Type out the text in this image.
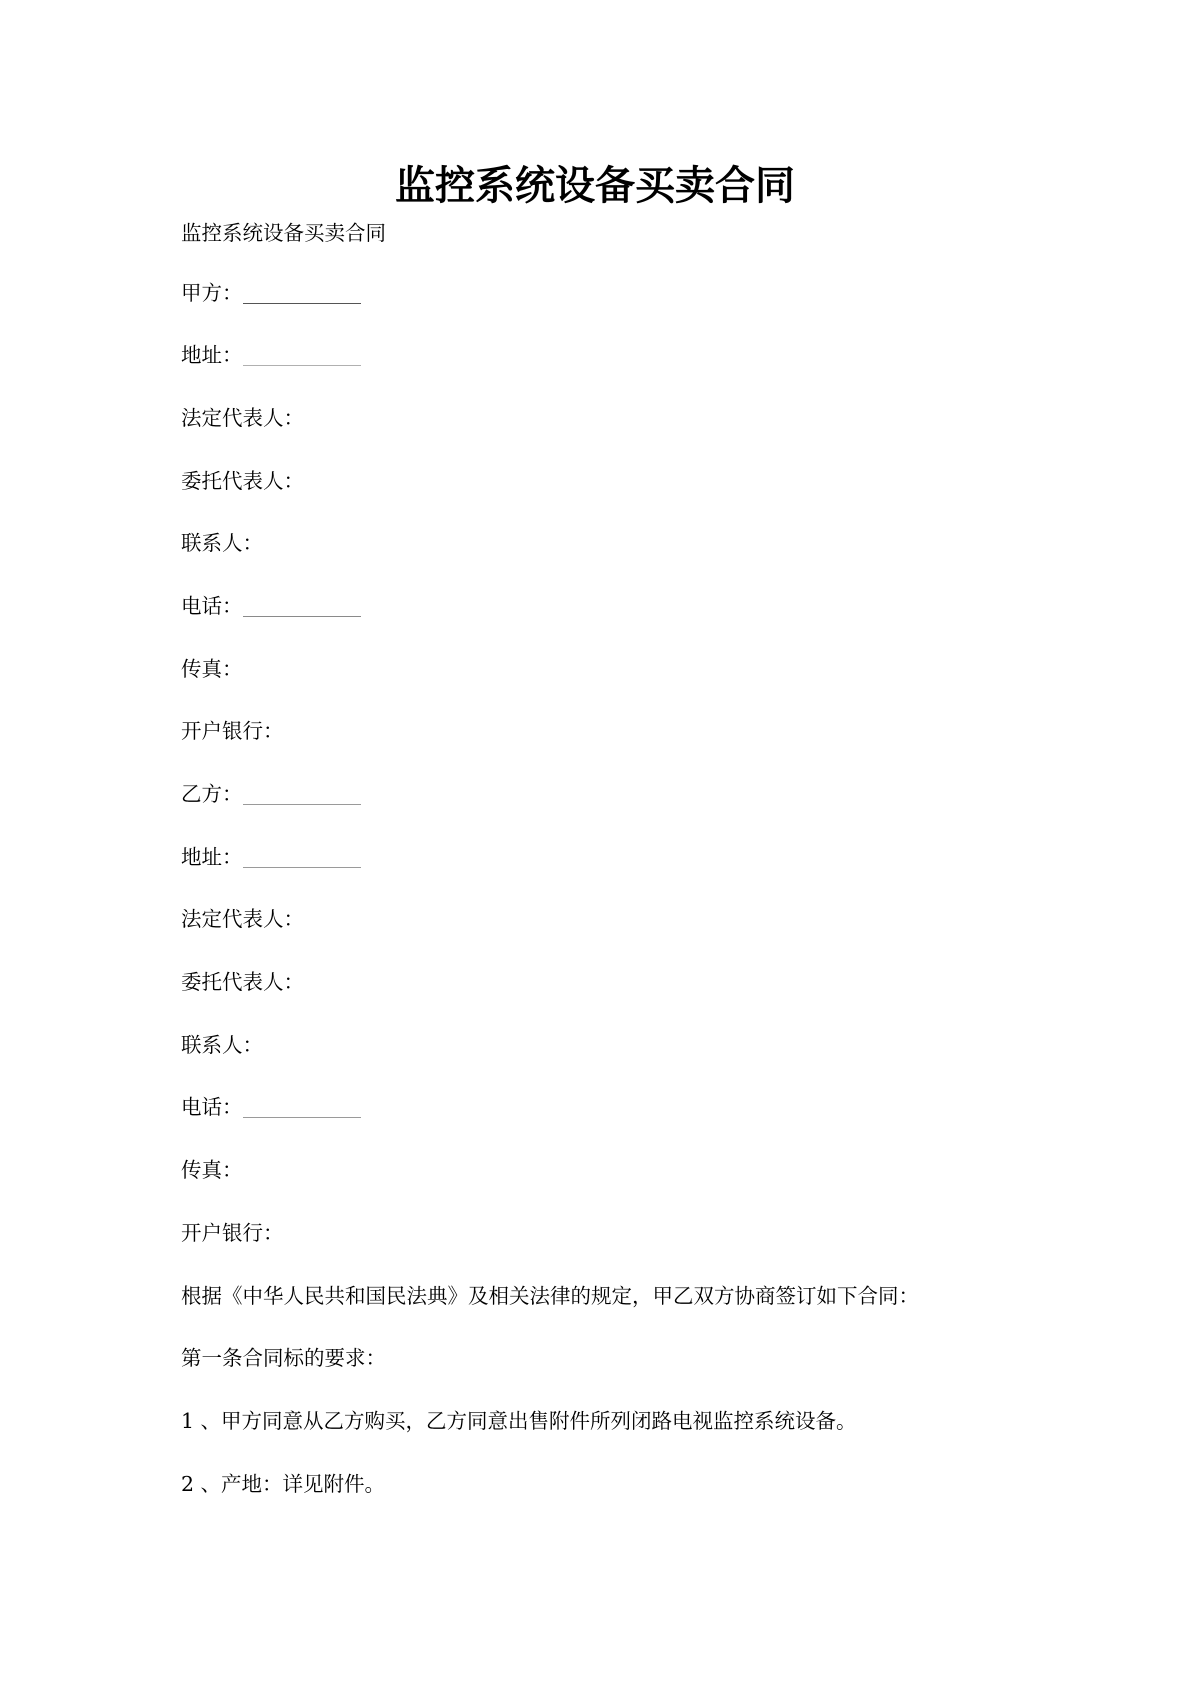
监控系统设备买卖合同
监控系统设备买卖合同
甲方：
地址：
法定代表人：
委托代表人：
联系人：
电话：
传真：
开户银行：
乙方：
地址：
法定代表人：
委托代表人：
联系人：
电话：
传真：
开户银行：
根据《中华人民共和国民法典》及相关法律的规定，甲乙双方协商签订如下合同：
第一条合同标的要求：
1 、甲方同意从乙方购买，乙方同意出售附件所列闭路电视监控系统设备。
2 、产地：详见附件。
